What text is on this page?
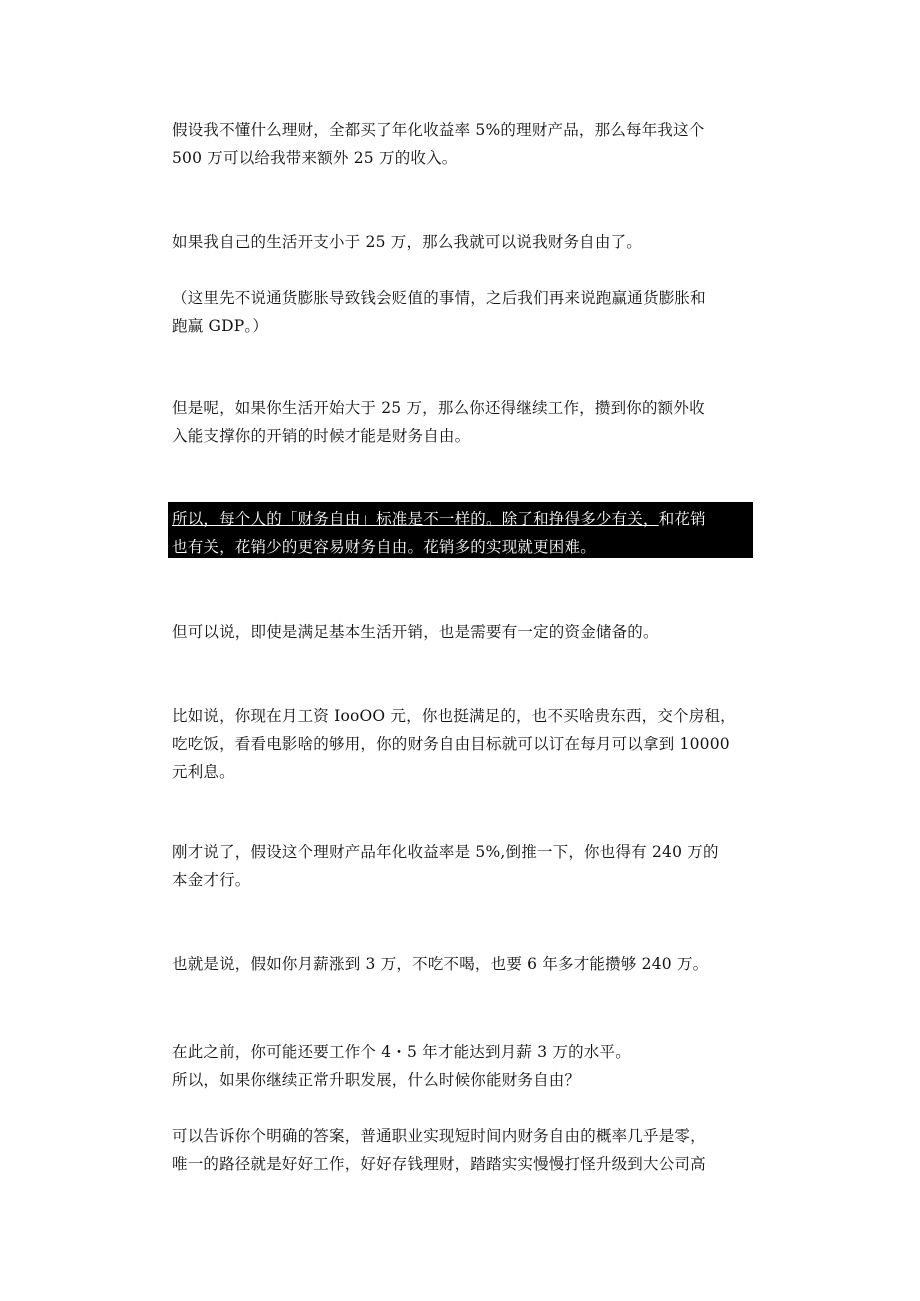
假设我不懂什么理财，全都买了年化收益率 5%的理财产品，那么每年我这个
500 万可以给我带来额外 25 万的收入。
如果我自己的生活开支小于 25 万，那么我就可以说我财务自由了。
（这里先不说通货膨胀导致钱会贬值的事情，之后我们再来说跑赢通货膨胀和
跑赢 GDP。）
但是呢，如果你生活开始大于 25 万，那么你还得继续工作，攒到你的额外收
入能支撑你的开销的时候才能是财务自由。
所以，每个人的「财务自由」标准是不一样的。除了和挣得多少有关，和花销
也有关，花销少的更容易财务自由。花销多的实现就更困难。
但可以说，即使是满足基本生活开销，也是需要有一定的资金储备的。
比如说，你现在月工资 IooOO 元，你也挺满足的，也不买啥贵东西，交个房租，
吃吃饭，看看电影啥的够用，你的财务自由目标就可以订在每月可以拿到 10000
元利息。
刚才说了，假设这个理财产品年化收益率是 5%,倒推一下，你也得有 240 万的
本金才行。
也就是说，假如你月薪涨到 3 万，不吃不喝，也要 6 年多才能攒够 240 万。
在此之前，你可能还要工作个 4・5 年才能达到月薪 3 万的水平。
所以，如果你继续正常升职发展，什么时候你能财务自由？
可以告诉你个明确的答案，普通职业实现短时间内财务自由的概率几乎是零，
唯一的路径就是好好工作，好好存钱理财，踏踏实实慢慢打怪升级到大公司高
